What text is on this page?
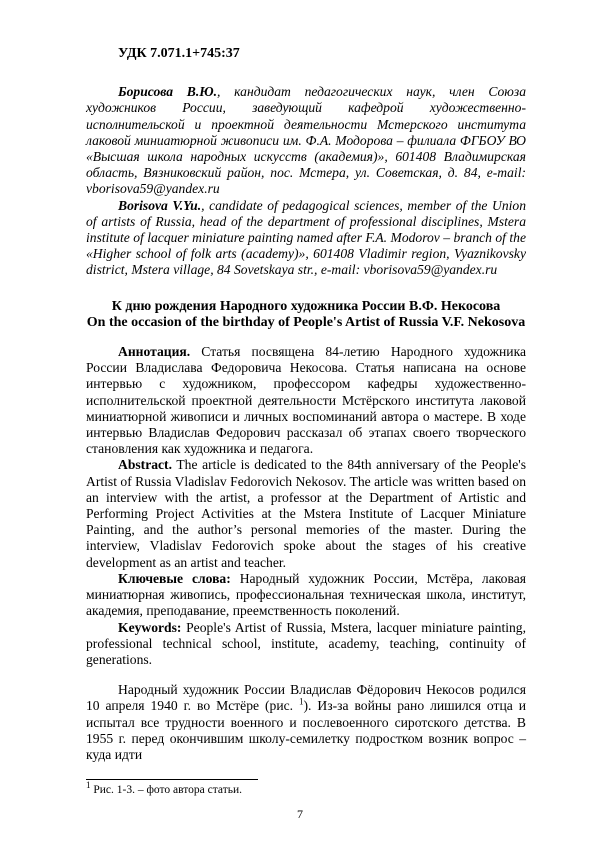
УДК 7.071.1+745:37

Борисова В.Ю., кандидат педагогических наук, член Союза художников России, заведующий кафедрой художественно-исполнительской и проектной деятельности Мстерского института лаковой миниатюрной живописи им. Ф.А. Модорова – филиала ФГБОУ ВО «Высшая школа народных искусств (академия)», 601408 Владимирская область, Вязниковский район, пос. Мстера, ул. Советская, д. 84, e-mail: vborisova59@yandex.ru

Borisova V.Yu., candidate of pedagogical sciences, member of the Union of artists of Russia, head of the department of professional disciplines, Mstera institute of lacquer miniature painting named after F.A. Modorov – branch of the «Higher school of folk arts (academy)», 601408 Vladimir region, Vyaznikovsky district, Mstera village, 84 Sovetskaya str., e-mail: vborisova59@yandex.ru

К дню рождения Народного художника России В.Ф. Некосова

On the occasion of the birthday of People's Artist of Russia V.F. Nekosova

Аннотация. Статья посвящена 84-летию Народного художника России Владислава Федоровича Некосова. Статья написана на основе интервью с художником, профессором кафедры художественно-исполнительской проектной деятельности Мстёрского института лаковой миниатюрной живописи и личных воспоминаний автора о мастере. В ходе интервью Владислав Федорович рассказал об этапах своего творческого становления как художника и педагога.

Abstract. The article is dedicated to the 84th anniversary of the People's Artist of Russia Vladislav Fedorovich Nekosov. The article was written based on an interview with the artist, a professor at the Department of Artistic and Performing Project Activities at the Mstera Institute of Lacquer Miniature Painting, and the author’s personal memories of the master. During the interview, Vladislav Fedorovich spoke about the stages of his creative development as an artist and teacher.

Ключевые слова: Народный художник России, Мстёра, лаковая миниатюрная живопись, профессиональная техническая школа, институт, академия, преподавание, преемственность поколений.

Keywords: People's Artist of Russia, Mstera, lacquer miniature painting, professional technical school, institute, academy, teaching, continuity of generations.

Народный художник России Владислав Фёдорович Некосов родился 10 апреля 1940 г. во Мстёре (рис. $^1$). Из-за войны рано лишился отца и испытал все трудности военного и послевоенного сиротского детства. В 1955 г. перед окончившим школу-семилетку подростком возник вопрос – куда идти

$^1$ Рис. 1-3. – фото автора статьи.

7
